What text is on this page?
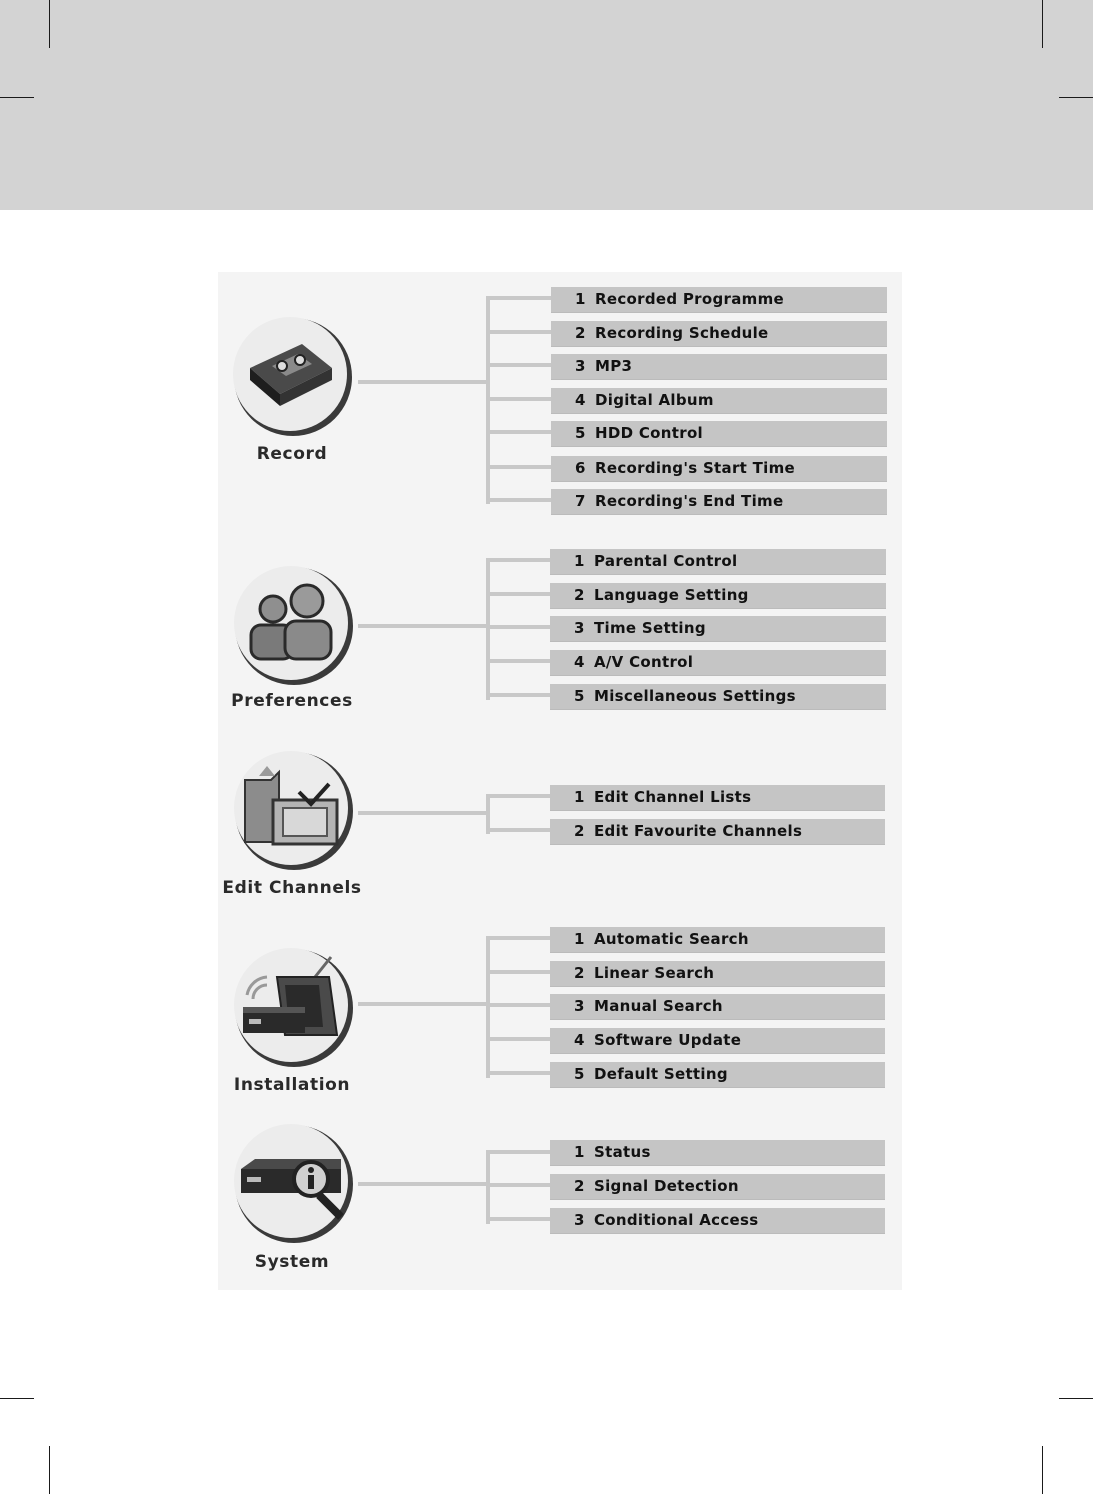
Record
1 Recorded Programme
2 Recording Schedule
3 MP3
4 Digital Album
5 HDD Control
6 Recording's Start Time
7 Recording's End Time
Preferences
1 Parental Control
2 Language Setting
3 Time Setting
4 A/V Control
5 Miscellaneous Settings
Edit Channels
1 Edit Channel Lists
2 Edit Favourite Channels
Installation
1 Automatic Search
2 Linear Search
3 Manual Search
4 Software Update
5 Default Setting
System
1 Status
2 Signal Detection
3 Conditional Access
